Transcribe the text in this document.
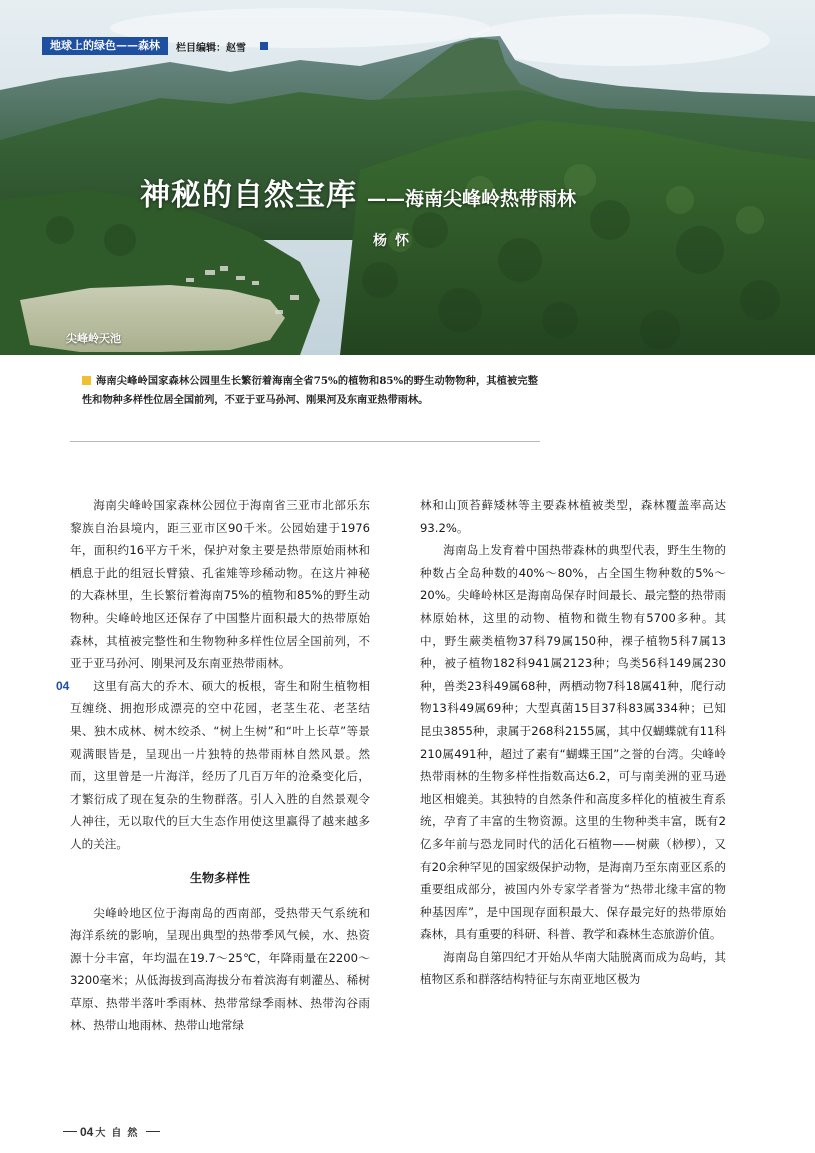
地球上的绿色——森林	栏目编辑：赵雪
神秘的自然宝库 ——海南尖峰岭热带雨林
杨怀
尖峰岭天池

海南尖峰岭国家森林公园里生长繁衍着海南全省75%的植物和85%的野生动物物种，其植被完整性和物种多样性位居全国前列，不亚于亚马孙河、刚果河及东南亚热带雨林。

海南尖峰岭国家森林公园位于海南省三亚市北部乐东黎族自治县境内，距三亚市区90千米。公园始建于1976年，面积约16平方千米，保护对象主要是热带原始雨林和栖息于此的组冠长臂猿、孔雀雉等珍稀动物。在这片神秘的大森林里，生长繁衍着海南75%的植物和85%的野生动物种。尖峰岭地区还保存了中国整片面积最大的热带原始森林，其植被完整性和生物物种多样性位居全国前列，不亚于亚马孙河、刚果河及东南亚热带雨林。

04	这里有高大的乔木、硕大的板根，寄生和附生植物相互缠绕、拥抱形成漂亮的空中花园，老茎生花、老茎结果、独木成林、树木绞杀、“树上生树”和“叶上长草”等景观满眼皆是，呈现出一片独特的热带雨林自然风景。然而，这里曾是一片海洋，经历了几百万年的沧桑变化后，才繁衍成了现在复杂的生物群落。引人入胜的自然景观令人神往，无以取代的巨大生态作用使这里赢得了越来越多人的关注。

生物多样性

尖峰岭地区位于海南岛的西南部，受热带天气系统和海洋系统的影响，呈现出典型的热带季风气候，水、热资源十分丰富，年均温在19.7～25℃，年降雨量在2200～3200毫米；从低海拔到高海拔分布着滨海有刺灌丛、稀树草原、热带半落叶季雨林、热带常绿季雨林、热带沟谷雨林、热带山地雨林、热带山地常绿

林和山顶苔藓矮林等主要森林植被类型，森林覆盖率高达93.2%。

海南岛上发育着中国热带森林的典型代表，野生生物的种数占全岛种数的40%～80%，占全国生物种数的5%～20%。尖峰岭林区是海南岛保存时间最长、最完整的热带雨林原始林，这里的动物、植物和微生物有5700多种。其中，野生蕨类植物37科79属150种，裸子植物5科7属13种，被子植物182科941属2123种；鸟类56科149属230种，兽类23科49属68种，两栖动物7科18属41种，爬行动物13科49属69种；大型真菌15目37科83属334种；已知昆虫3855种，隶属于268科2155属，其中仅蝴蝶就有11科210属491种，超过了素有“蝴蝶王国”之誉的台湾。尖峰岭热带雨林的生物多样性指数高达6.2，可与南美洲的亚马逊地区相媲美。其独特的自然条件和高度多样化的植被生育系统，孕育了丰富的生物资源。这里的生物种类丰富，既有2亿多年前与恐龙同时代的活化石植物——树蕨（桫椤），又有20余种罕见的国家级保护动物，是海南乃至东南亚区系的重要组成部分，被国内外专家学者誉为“热带北缘丰富的物种基因库”，是中国现存面积最大、保存最完好的热带原始森林，具有重要的科研、科普、教学和森林生态旅游价值。

海南岛自第四纪才开始从华南大陆脱离而成为岛屿，其植物区系和群落结构特征与东南亚地区极为

04 大自然
